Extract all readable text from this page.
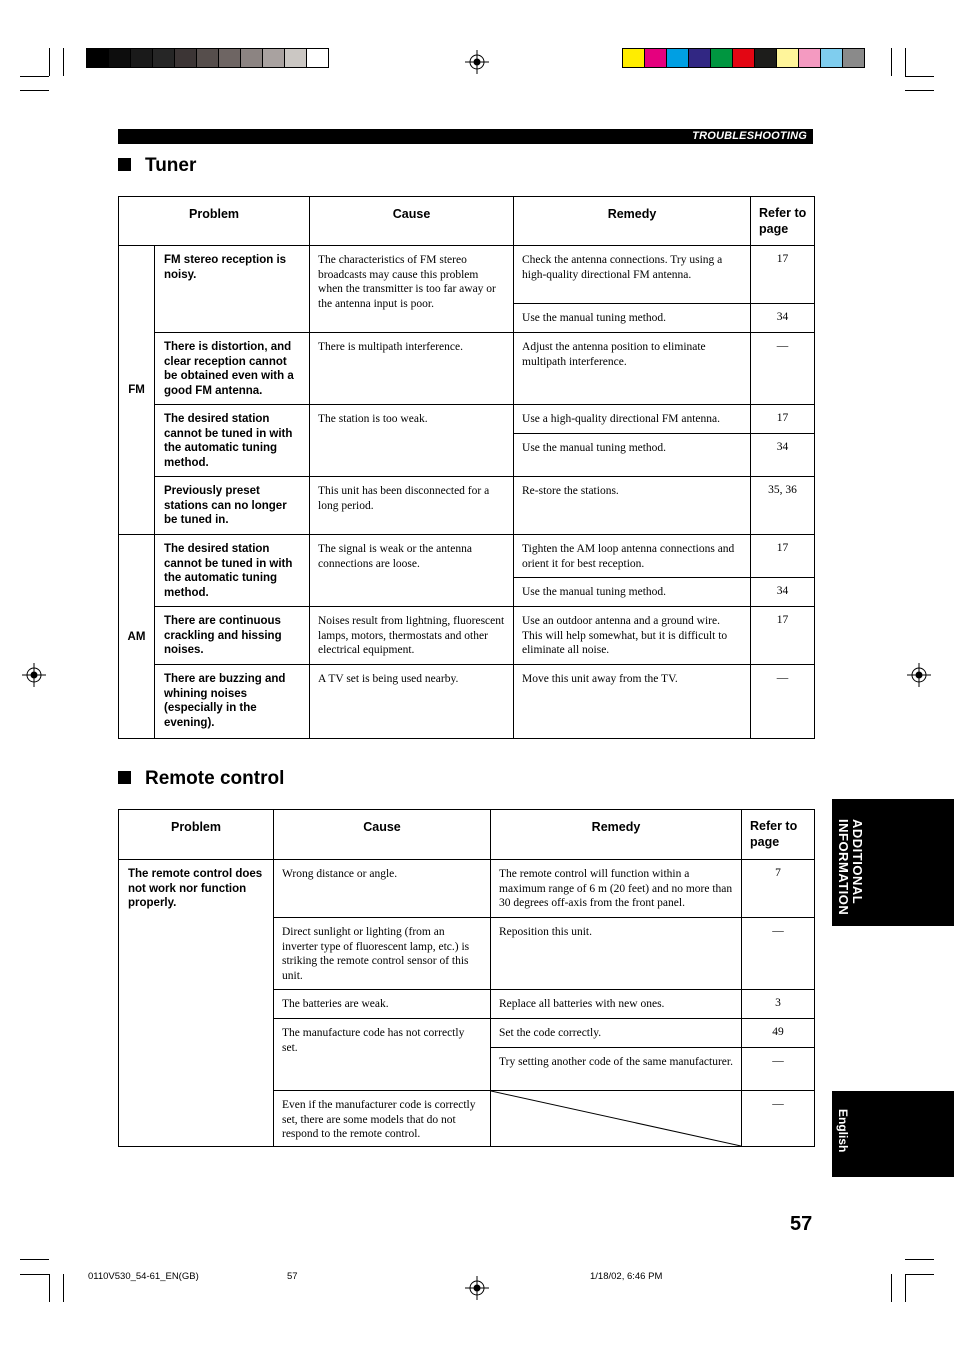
TROUBLESHOOTING
Tuner
Problem		Cause	Remedy	Refer to page
FM	FM stereo reception is noisy.	The characteristics of FM stereo broadcasts may cause this problem when the transmitter is too far away or the antenna input is poor.	Check the antenna connections. Try using a high-quality directional FM antenna.	17
			Use the manual tuning method.	34
	There is distortion, and clear reception cannot be obtained even with a good FM antenna.	There is multipath interference.	Adjust the antenna position to eliminate multipath interference.	—
	The desired station cannot be tuned in with the automatic tuning method.	The station is too weak.	Use a high-quality directional FM antenna.	17
			Use the manual tuning method.	34
	Previously preset stations can no longer be tuned in.	This unit has been disconnected for a long period.	Re-store the stations.	35, 36
AM	The desired station cannot be tuned in with the automatic tuning method.	The signal is weak or the antenna connections are loose.	Tighten the AM loop antenna connections and orient it for best reception.	17
			Use the manual tuning method.	34
	There are continuous crackling and hissing noises.	Noises result from lightning, fluorescent lamps, motors, thermostats and other electrical equipment.	Use an outdoor antenna and a ground wire. This will help somewhat, but it is difficult to eliminate all noise.	17
	There are buzzing and whining noises (especially in the evening).	A TV set is being used nearby.	Move this unit away from the TV.	—
Remote control
Problem	Cause	Remedy	Refer to page
The remote control does not work nor function properly.	Wrong distance or angle.	The remote control will function within a maximum range of 6 m (20 feet) and no more than 30 degrees off-axis from the front panel.	7
	Direct sunlight or lighting (from an inverter type of fluorescent lamp, etc.) is striking the remote control sensor of this unit.	Reposition this unit.	—
	The batteries are weak.	Replace all batteries with new ones.	3
	The manufacture code has not correctly set.	Set the code correctly.	49
		Try setting another code of the same manufacturer.	—
	Even if the manufacturer code is correctly set, there are some models that do not respond to the remote control.		—
ADDITIONAL INFORMATION
English
57
0110V530_54-61_EN(GB)	57	1/18/02, 6:46 PM
